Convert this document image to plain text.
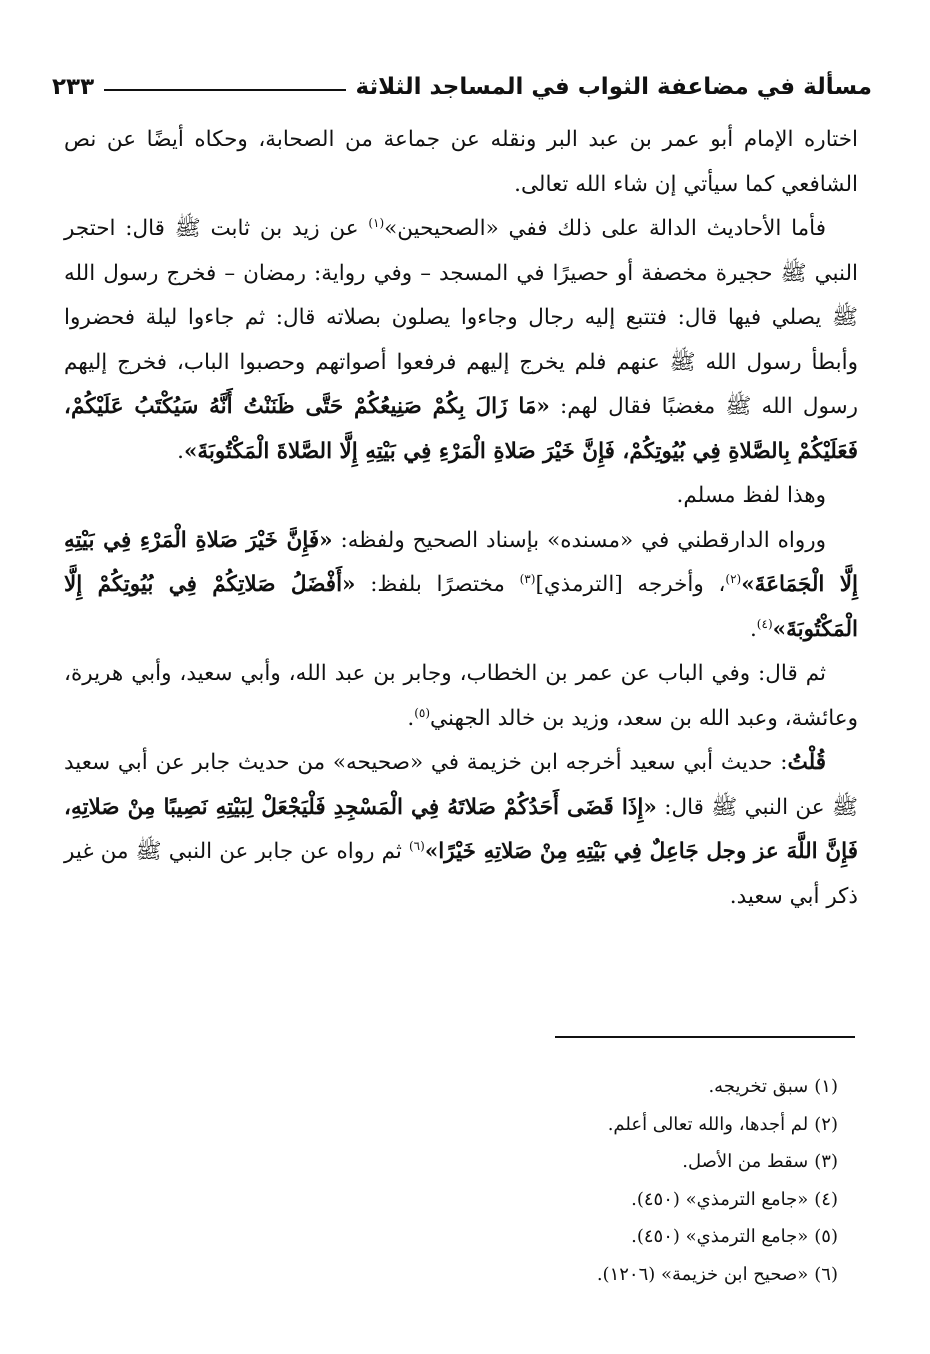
مسألة في مضاعفة الثواب في المساجد الثلاثة
٢٣٣

اختاره الإمام أبو عمر بن عبد البر ونقله عن جماعة من الصحابة، وحكاه أيضًا عن نص الشافعي كما سيأتي إن شاء الله تعالى.

فأما الأحاديث الدالة على ذلك ففي «الصحيحين»$^{(١)}$ عن زيد بن ثابت ﷺ قال: احتجر النبي ﷺ حجيرة مخصفة أو حصيرًا في المسجد – وفي رواية: رمضان – فخرج رسول الله ﷺ يصلي فيها قال: فتتبع إليه رجال وجاءوا يصلون بصلاته قال: ثم جاءوا ليلة فحضروا وأبطأ رسول الله ﷺ عنهم فلم يخرج إليهم فرفعوا أصواتهم وحصبوا الباب، فخرج إليهم رسول الله ﷺ مغضبًا فقال لهم: «مَا زَالَ بِكُمْ صَنِيعُكُمْ حَتَّى ظَنَنْتُ أَنَّهُ سَيُكْتَبُ عَلَيْكُمْ، فَعَلَيْكُمْ بِالصَّلاةِ فِي بُيُوتِكُمْ، فَإِنَّ خَيْرَ صَلاةِ الْمَرْءِ فِي بَيْتِهِ إِلَّا الصَّلاةَ الْمَكْتُوبَةَ».

وهذا لفظ مسلم.

ورواه الدارقطني في «مسنده» بإسناد الصحيح ولفظه: «فَإِنَّ خَيْرَ صَلاةِ الْمَرْءِ فِي بَيْتِهِ إِلَّا الْجَمَاعَةَ»$^{(٢)}$، وأخرجه [الترمذي]$^{(٣)}$ مختصرًا بلفظ: «أَفْضَلُ صَلاتِكُمْ فِي بُيُوتِكُمْ إِلَّا الْمَكْتُوبَةَ»$^{(٤)}$.

ثم قال: وفي الباب عن عمر بن الخطاب، وجابر بن عبد الله، وأبي سعيد، وأبي هريرة، وعائشة، وعبد الله بن سعد، وزيد بن خالد الجهني$^{(٥)}$.

قُلْتُ: حديث أبي سعيد أخرجه ابن خزيمة في «صحيحه» من حديث جابر عن أبي سعيد ﷺ عن النبي ﷺ قال: «إِذَا قَضَى أَحَدُكُمْ صَلاتَهُ فِي الْمَسْجِدِ فَلْيَجْعَلْ لِبَيْتِهِ نَصِيبًا مِنْ صَلاتِهِ، فَإِنَّ اللَّهَ عز وجل جَاعِلٌ فِي بَيْتِهِ مِنْ صَلاتِهِ خَيْرًا»$^{(٦)}$ ثم رواه عن جابر عن النبي ﷺ من غير ذكر أبي سعيد.

(١)
سبق تخريجه.
(٢)
لم أجدها، والله تعالى أعلم.
(٣)
سقط من الأصل.
(٤)
«جامع الترمذي» (٤٥٠).
(٥)
«جامع الترمذي» (٤٥٠).
(٦)
«صحيح ابن خزيمة» (١٢٠٦).
